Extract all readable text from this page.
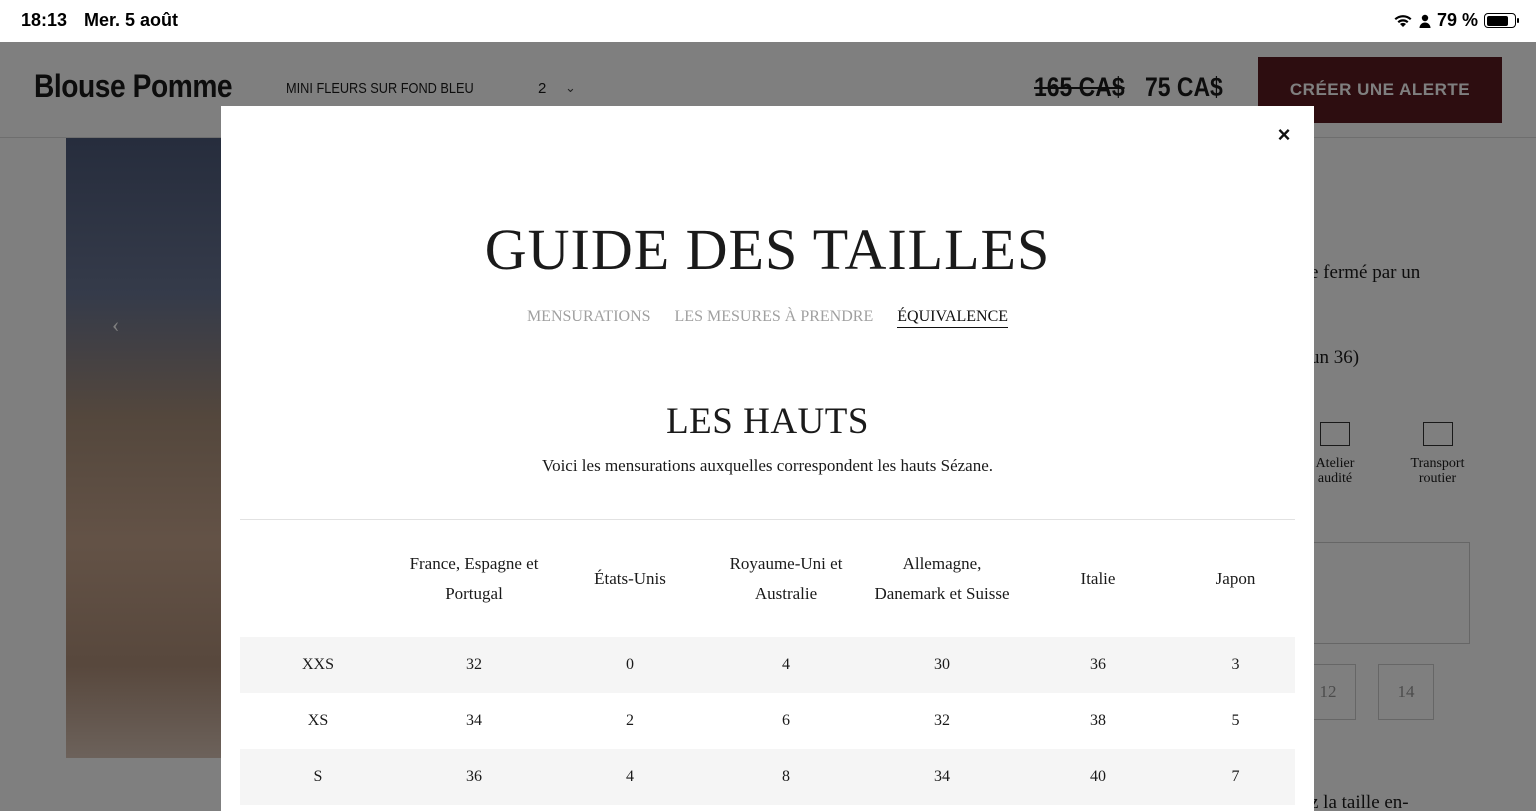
18:13 Mer. 5 août	79 %
×
GUIDE DES TAILLES
MENSURATIONS LES MESURES À PRENDRE ÉQUIVALENCE
LES HAUTS
Voici les mensurations auxquelles correspondent les hauts Sézane.
	France, Espagne et Portugal	États-Unis	Royaume-Uni et Australie	Allemagne, Danemark et Suisse	Italie	Japon
XXS	32	0	4	30	36	3
XS	34	2	6	32	38	5
S	36	4	8	34	40	7
